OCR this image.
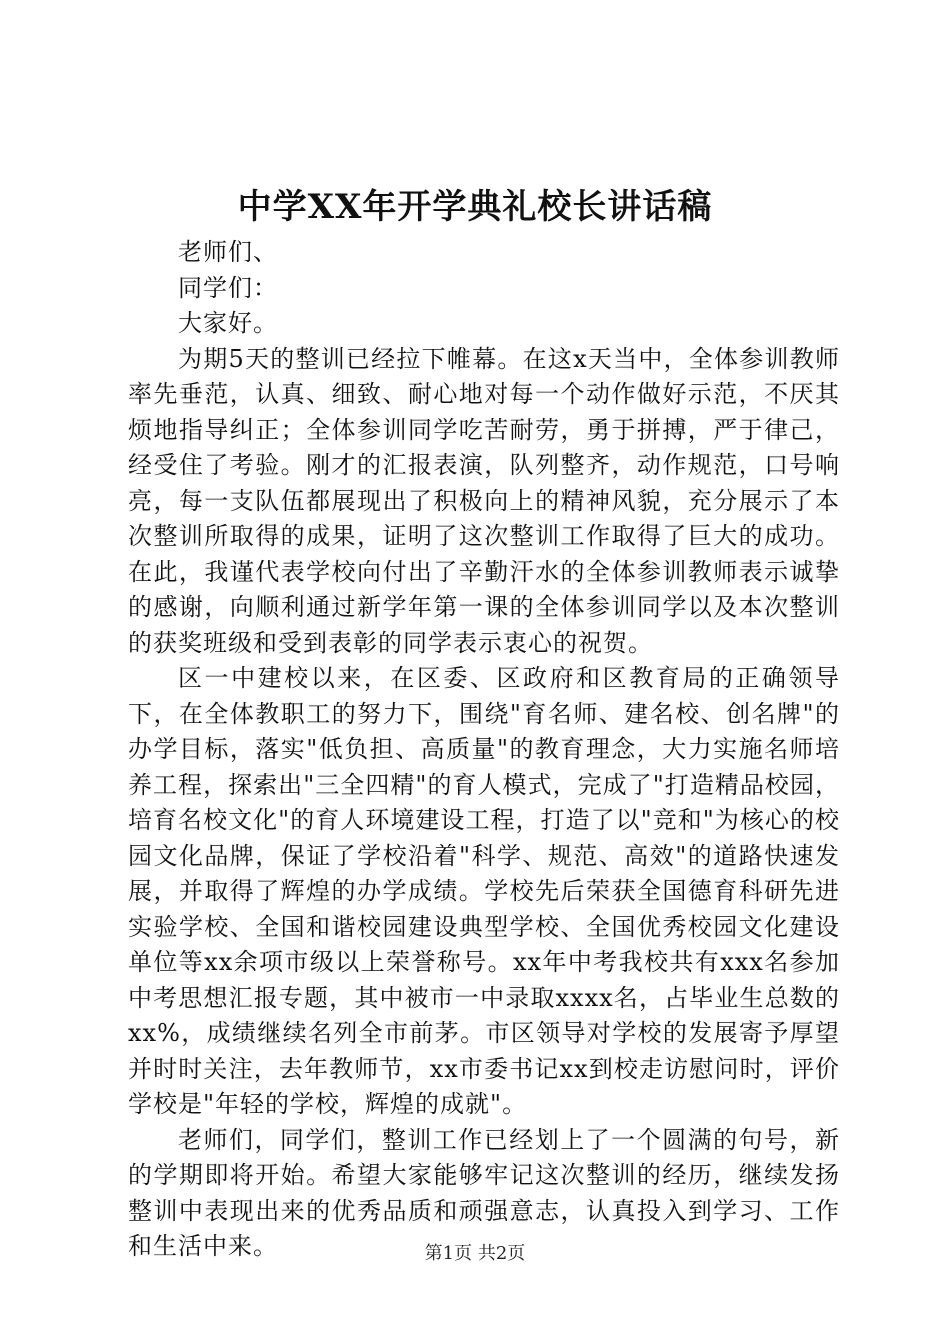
中学XX年开学典礼校长讲话稿

老师们、

同学们：

大家好。

为期5天的整训已经拉下帷幕。在这x天当中，全体参训教师率先垂范，认真、细致、耐心地对每一个动作做好示范，不厌其烦地指导纠正；全体参训同学吃苦耐劳，勇于拼搏，严于律己，经受住了考验。刚才的汇报表演，队列整齐，动作规范，口号响亮，每一支队伍都展现出了积极向上的精神风貌，充分展示了本次整训所取得的成果，证明了这次整训工作取得了巨大的成功。在此，我谨代表学校向付出了辛勤汗水的全体参训教师表示诚挚的感谢，向顺利通过新学年第一课的全体参训同学以及本次整训的获奖班级和受到表彰的同学表示衷心的祝贺。

区一中建校以来，在区委、区政府和区教育局的正确领导下，在全体教职工的努力下，围绕"育名师、建名校、创名牌"的办学目标，落实"低负担、高质量"的教育理念，大力实施名师培养工程，探索出"三全四精"的育人模式，完成了"打造精品校园，培育名校文化"的育人环境建设工程，打造了以"竞和"为核心的校园文化品牌，保证了学校沿着"科学、规范、高效"的道路快速发展，并取得了辉煌的办学成绩。学校先后荣获全国德育科研先进实验学校、全国和谐校园建设典型学校、全国优秀校园文化建设单位等xx余项市级以上荣誉称号。xx年中考我校共有xxx名参加中考思想汇报专题，其中被市一中录取xxxx名，占毕业生总数的xx%，成绩继续名列全市前茅。市区领导对学校的发展寄予厚望并时时关注，去年教师节，xx市委书记xx到校走访慰问时，评价学校是"年轻的学校，辉煌的成就"。

老师们，同学们，整训工作已经划上了一个圆满的句号，新的学期即将开始。希望大家能够牢记这次整训的经历，继续发扬整训中表现出来的优秀品质和顽强意志，认真投入到学习、工作和生活中来。	第1页 共2页
